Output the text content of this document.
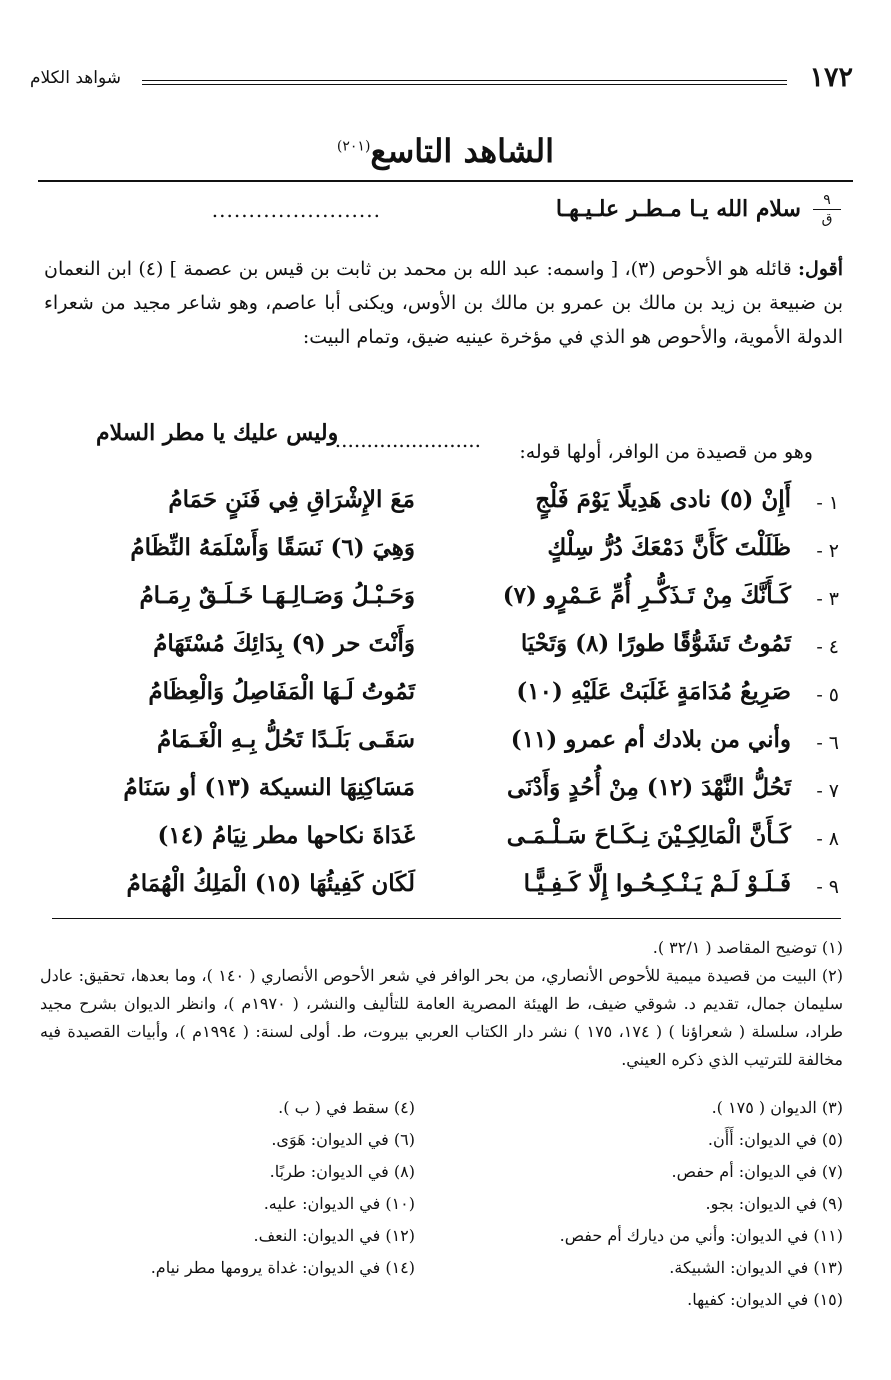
١٧٢
شواهد الكلام
الشاهد التاسع$^{(٢٠١)}$
٩
ق
سلام الله يـا مـطـر علـيـهـا
.......................
أقول: قائله هو الأحوص (٣)، [ واسمه: عبد الله بن محمد بن ثابت بن قيس بن عصمة ] (٤) ابن النعمان بن ضبيعة بن زيد بن مالك بن عمرو بن مالك بن الأوس، ويكنى أبا عاصم، وهو شاعر مجيد من شعراء الدولة الأموية، والأحوص هو الذي في مؤخرة عينيه ضيق، وتمام البيت:
.......................
وليس عليك يا مطر السلام
وهو من قصيدة من الوافر، أولها قوله:
١ -
أَإِنْ (٥) نادى هَدِيلًا يَوْمَ فَلْجٍ
مَعَ الإِشْرَاقِ فِي فَنَنٍ حَمَامُ
٢ -
ظَلَلْتَ كَأَنَّ دَمْعَكَ دُرُّ سِلْكٍ
وَهِيَ (٦) نَسَقًا وَأَسْلَمَهُ النِّظَامُ
٣ -
كَـأَنَّكَ مِنْ تَـذَكُّـرِ أُمِّ عَـمْرٍو (٧)
وَحَـبْـلُ وَصَـالِـهَـا خَـلَـقٌ رِمَـامُ
٤ -
تَمُوتُ تَشَوُّقًا طورًا (٨) وَتَحْيَا
وَأَنْتَ حر (٩) بِدَائِكَ مُسْتَهَامُ
٥ -
صَرِيعُ مُدَامَةٍ غَلَبَتْ عَلَيْهِ (١٠)
تَمُوتُ لَـهَا الْمَفَاصِلُ وَالْعِظَامُ
٦ -
وأني من بلادك أم عمرو (١١)
سَقَـى بَلَـدًا تَحُلُّ بِـهِ الْغَـمَامُ
٧ -
تَحُلُّ النَّهْدَ (١٢) مِنْ أُحُدٍ وَأَدْنَى
مَسَاكِنِهَا النسيكة (١٣) أو سَنَامُ
٨ -
كَـأَنَّ الْمَالِكِـيْنَ نِـكَـاحَ سَـلْـمَـى
غَدَاةَ نكاحها مطر نِيَامُ (١٤)
٩ -
فَـلَـوْ لَـمْ يَـنْـكِـحُـوا إِلَّا كَـفِـيًّـا
لَكَان كَفِيئُهَا (١٥) الْمَلِكُ الْهُمَامُ

(١) توضيح المقاصد ( ٣٢/١ ).

(٢) البيت من قصيدة ميمية للأحوص الأنصاري، من بحر الوافر في شعر الأحوص الأنصاري ( ١٤٠ )، وما بعدها، تحقيق: عادل سليمان جمال، تقديم د. شوقي ضيف، ط الهيئة المصرية العامة للتأليف والنشر، ( ١٩٧٠م )، وانظر الديوان بشرح مجيد طراد، سلسلة ( شعراؤنا ) ( ١٧٤، ١٧٥ ) نشر دار الكتاب العربي بيروت، ط. أولى لسنة: ( ١٩٩٤م )، وأبيات القصيدة فيه مخالفة للترتيب الذي ذكره العيني.

(٣) الديوان ( ١٧٥ ).
(٥) في الديوان: أَأَن.
(٧) في الديوان: أم حفص.
(٩) في الديوان: بجو.
(١١) في الديوان: وأني من ديارك أم حفص.
(١٣) في الديوان: الشبيكة.
(١٥) في الديوان: كفيها.
(٤) سقط في ( ب ).
(٦) في الديوان: هَوَى.
(٨) في الديوان: طربًا.
(١٠) في الديوان: عليه.
(١٢) في الديوان: النعف.
(١٤) في الديوان: غداة يرومها مطر نيام.
